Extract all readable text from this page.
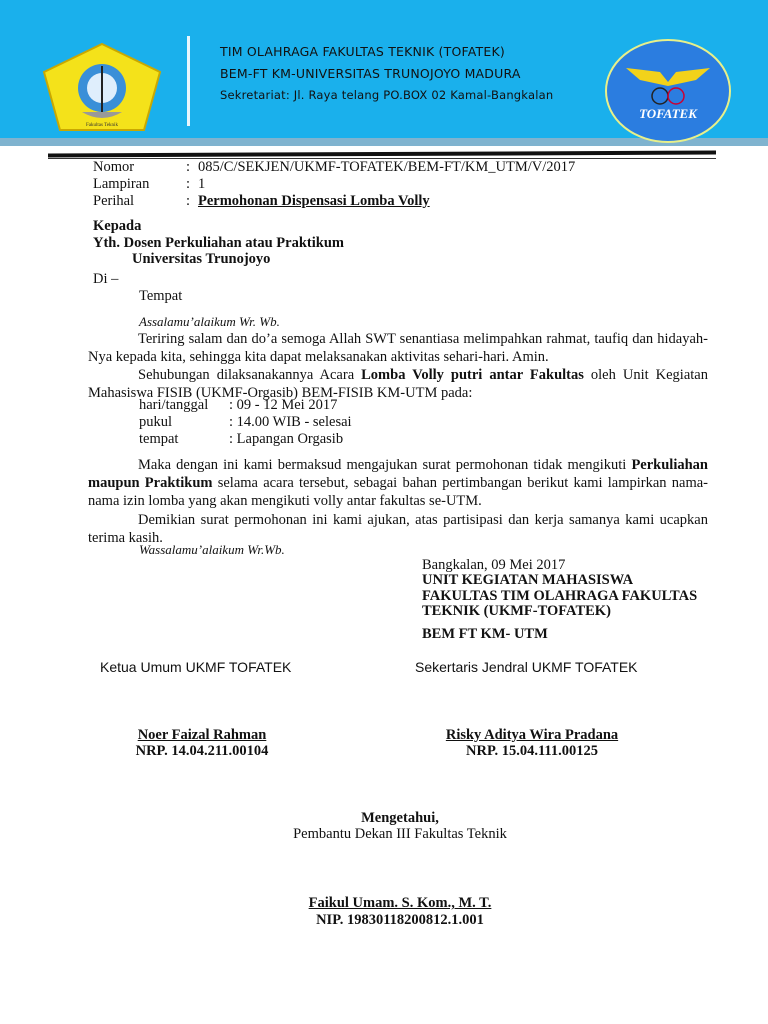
Fakultas Teknik
TIM OLAHRAGA FAKULTAS TEKNIK (TOFATEK)
BEM-FT KM-UNIVERSITAS TRUNOJOYO MADURA
Sekretariat: Jl. Raya telang PO.BOX 02 Kamal-Bangkalan
TOFATEK
Nomor	: 085/C/SEKJEN/UKMF-TOFATEK/BEM-FT/KM_UTM/V/2017
Lampiran	: 1
Perihal	: Permohonan Dispensasi Lomba Volly
Kepada
Yth. Dosen Perkuliahan atau Praktikum
Universitas Trunojoyo
Di –
Tempat
Assalamu’alaikum Wr. Wb.
Teriring salam dan do’a semoga Allah SWT senantiasa melimpahkan rahmat, taufiq dan hidayah-Nya kepada kita, sehingga kita dapat melaksanakan aktivitas sehari-hari. Amin.
Sehubungan dilaksanakannya Acara Lomba Volly putri antar Fakultas oleh Unit Kegiatan Mahasiswa FISIB (UKMF-Orgasib) BEM-FISIB KM-UTM pada:
hari/tanggal : 09 - 12 Mei 2017
pukul	: 14.00 WIB - selesai
tempat	: Lapangan Orgasib
Maka dengan ini kami bermaksud mengajukan surat permohonan tidak mengikuti Perkuliahan maupun Praktikum selama acara tersebut, sebagai bahan pertimbangan berikut kami lampirkan nama-nama izin lomba yang akan mengikuti volly antar fakultas se-UTM.
Demikian surat permohonan ini kami ajukan, atas partisipasi dan kerja samanya kami ucapkan terima kasih.
Wassalamu’alaikum Wr.Wb.
Bangkalan, 09 Mei 2017
UNIT KEGIATAN MAHASISWA
FAKULTAS TIM OLAHRAGA FAKULTAS
TEKNIK (UKMF-TOFATEK)
BEM FT KM- UTM
Ketua Umum UKMF TOFATEK	Sekertaris Jendral UKMF TOFATEK
Noer Faizal Rahman
NRP. 14.04.211.00104
Risky Aditya Wira Pradana
NRP. 15.04.111.00125
Mengetahui,
Pembantu Dekan III Fakultas Teknik
Faikul Umam. S. Kom., M. T.
NIP. 19830118200812.1.001
